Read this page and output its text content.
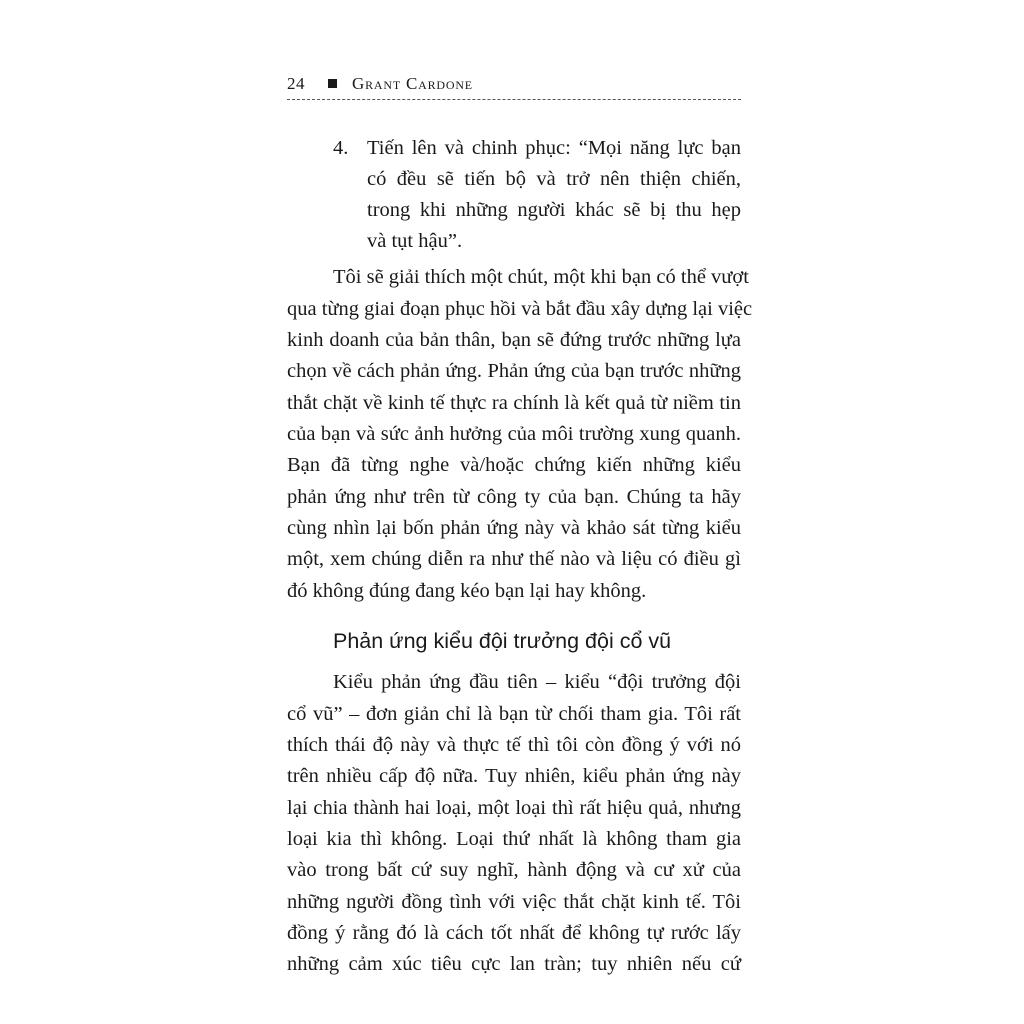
24	Grant Cardone
4. Tiến lên và chinh phục: “Mọi năng lực bạn
có đều sẽ tiến bộ và trở nên thiện chiến,
trong khi những người khác sẽ bị thu hẹp
và tụt hậu”.
Tôi sẽ giải thích một chút, một khi bạn có thể vượt
qua từng giai đoạn phục hồi và bắt đầu xây dựng lại việc
kinh doanh của bản thân, bạn sẽ đứng trước những lựa
chọn về cách phản ứng. Phản ứng của bạn trước những
thắt chặt về kinh tế thực ra chính là kết quả từ niềm tin
của bạn và sức ảnh hưởng của môi trường xung quanh.
Bạn đã từng nghe và/hoặc chứng kiến những kiểu
phản ứng như trên từ công ty của bạn. Chúng ta hãy
cùng nhìn lại bốn phản ứng này và khảo sát từng kiểu
một, xem chúng diễn ra như thế nào và liệu có điều gì
đó không đúng đang kéo bạn lại hay không.
Phản ứng kiểu đội trưởng đội cổ vũ
Kiểu phản ứng đầu tiên – kiểu “đội trưởng đội
cổ vũ” – đơn giản chỉ là bạn từ chối tham gia. Tôi rất
thích thái độ này và thực tế thì tôi còn đồng ý với nó
trên nhiều cấp độ nữa. Tuy nhiên, kiểu phản ứng này
lại chia thành hai loại, một loại thì rất hiệu quả, nhưng
loại kia thì không. Loại thứ nhất là không tham gia
vào trong bất cứ suy nghĩ, hành động và cư xử của
những người đồng tình với việc thắt chặt kinh tế. Tôi
đồng ý rằng đó là cách tốt nhất để không tự rước lấy
những cảm xúc tiêu cực lan tràn; tuy nhiên nếu cứ
